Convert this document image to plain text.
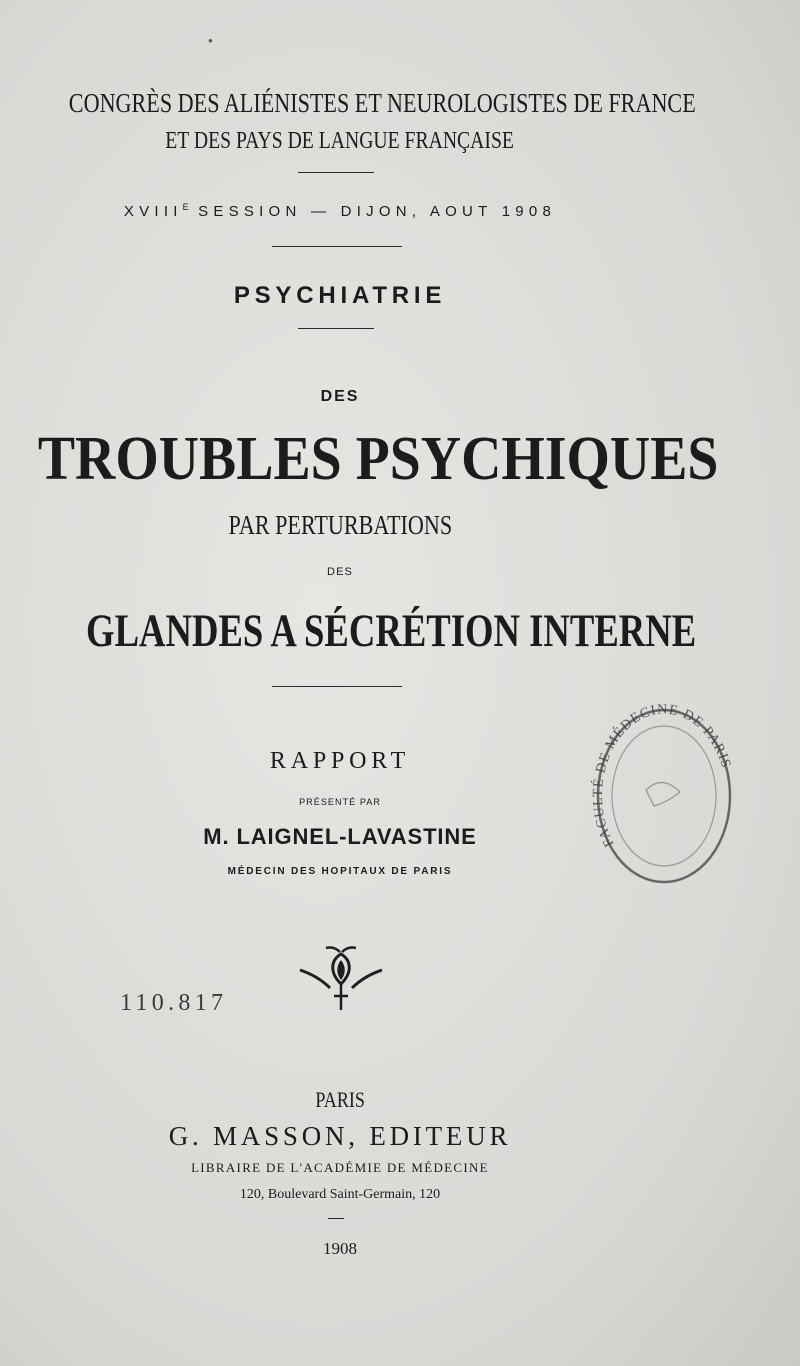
●
CONGRÈS DES ALIÉNISTES ET NEUROLOGISTES DE FRANCE
ET DES PAYS DE LANGUE FRANÇAISE
$XVIII^E$ SESSION — DIJON, AOUT 1908
PSYCHIATRIE
DES
TROUBLES PSYCHIQUES
PAR PERTURBATIONS
DES
GLANDES A SÉCRÉTION INTERNE
RAPPORT
PRÉSENTÉ PAR
M. LAIGNEL-LAVASTINE
MÉDECIN DES HOPITAUX DE PARIS
FACULTÉ DE MÉDECINE DE PARIS
110.817
PARIS
G. MASSON, EDITEUR
LIBRAIRE DE L'ACADÉMIE DE MÉDECINE
120, Boulevard Saint-Germain, 120
1908
